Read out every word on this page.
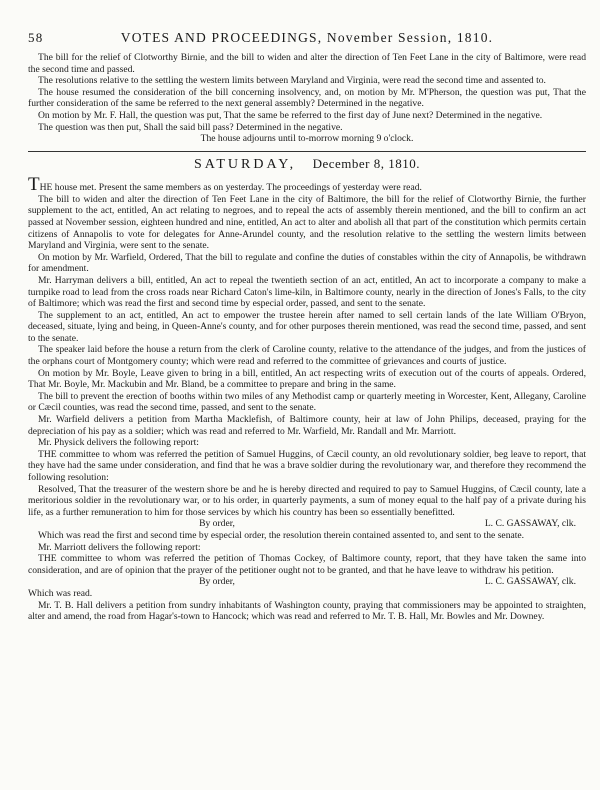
58	VOTES AND PROCEEDINGS, November Session, 1810.

The bill for the relief of Clotworthy Birnie, and the bill to widen and alter the direction of Ten Feet Lane in the city of Baltimore, were read the second time and passed.

The resolutions relative to the settling the western limits between Maryland and Virginia, were read the second time and assented to.

The house resumed the consideration of the bill concerning insolvency, and, on motion by Mr. M'Pherson, the question was put, That the further consideration of the same be referred to the next general assembly? Determined in the negative.

On motion by Mr. F. Hall, the question was put, That the same be referred to the first day of June next? Determined in the negative.

The question was then put, Shall the said bill pass? Determined in the negative.

The house adjourns until to-morrow morning 9 o'clock.

SATURDAY, December 8, 1810.

THE house met. Present the same members as on yesterday. The proceedings of yesterday were read.

The bill to widen and alter the direction of Ten Feet Lane in the city of Baltimore, the bill for the relief of Clotworthy Birnie, the further supplement to the act, entitled, An act relating to negroes, and to repeal the acts of assembly therein mentioned, and the bill to confirm an act passed at November session, eighteen hundred and nine, entitled, An act to alter and abolish all that part of the constitution which permits certain citizens of Annapolis to vote for delegates for Anne-Arundel county, and the resolution relative to the settling the western limits between Maryland and Virginia, were sent to the senate.

On motion by Mr. Warfield, Ordered, That the bill to regulate and confine the duties of constables within the city of Annapolis, be withdrawn for amendment.

Mr. Harryman delivers a bill, entitled, An act to repeal the twentieth section of an act, entitled, An act to incorporate a company to make a turnpike road to lead from the cross roads near Richard Caton's lime-kiln, in Baltimore county, nearly in the direction of Jones's Falls, to the city of Baltimore; which was read the first and second time by especial order, passed, and sent to the senate.

The supplement to an act, entitled, An act to empower the trustee herein after named to sell certain lands of the late William O'Bryon, deceased, situate, lying and being, in Queen-Anne's county, and for other purposes therein mentioned, was read the second time, passed, and sent to the senate.

The speaker laid before the house a return from the clerk of Caroline county, relative to the attendance of the judges, and from the justices of the orphans court of Montgomery county; which were read and referred to the committee of grievances and courts of justice.

On motion by Mr. Boyle, Leave given to bring in a bill, entitled, An act respecting writs of execution out of the courts of appeals. Ordered, That Mr. Boyle, Mr. Mackubin and Mr. Bland, be a committee to prepare and bring in the same.

The bill to prevent the erection of booths within two miles of any Methodist camp or quarterly meeting in Worcester, Kent, Allegany, Caroline or Cæcil counties, was read the second time, passed, and sent to the senate.

Mr. Warfield delivers a petition from Martha Macklefish, of Baltimore county, heir at law of John Philips, deceased, praying for the depreciation of his pay as a soldier; which was read and referred to Mr. Warfield, Mr. Randall and Mr. Marriott.

Mr. Physick delivers the following report:

THE committee to whom was referred the petition of Samuel Huggins, of Cæcil county, an old revolutionary soldier, beg leave to report, that they have had the same under consideration, and find that he was a brave soldier during the revolutionary war, and therefore they recommend the following resolution:

Resolved, That the treasurer of the western shore be and he is hereby directed and required to pay to Samuel Huggins, of Cæcil county, late a meritorious soldier in the revolutionary war, or to his order, in quarterly payments, a sum of money equal to the half pay of a private during his life, as a further remuneration to him for those services by which his country has been so essentially benefitted.

By order,	L. C. GASSAWAY, clk.

Which was read the first and second time by especial order, the resolution therein contained assented to, and sent to the senate.

Mr. Marriott delivers the following report:

THE committee to whom was referred the petition of Thomas Cockey, of Baltimore county, report, that they have taken the same into consideration, and are of opinion that the prayer of the petitioner ought not to be granted, and that he have leave to withdraw his petition.

By order,	L. C. GASSAWAY, clk.

Which was read.

Mr. T. B. Hall delivers a petition from sundry inhabitants of Washington county, praying that commissioners may be appointed to straighten, alter and amend, the road from Hagar's-town to Hancock; which was read and referred to Mr. T. B. Hall, Mr. Bowles and Mr. Downey.
